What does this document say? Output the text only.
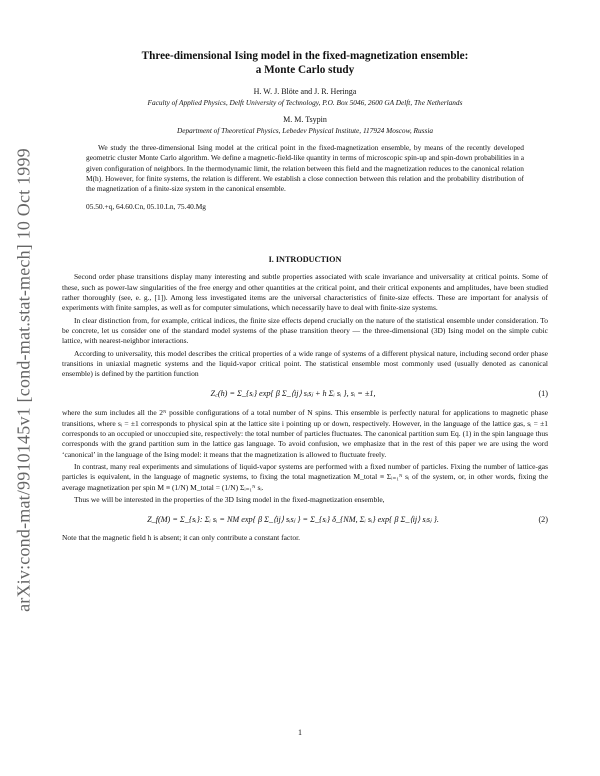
arXiv:cond-mat/9910145v1 [cond-mat.stat-mech] 10 Oct 1999
Three-dimensional Ising model in the fixed-magnetization ensemble:
a Monte Carlo study
H. W. J. Blöte and J. R. Heringa
Faculty of Applied Physics, Delft University of Technology, P.O. Box 5046, 2600 GA Delft, The Netherlands
M. M. Tsypin
Department of Theoretical Physics, Lebedev Physical Institute, 117924 Moscow, Russia
We study the three-dimensional Ising model at the critical point in the fixed-magnetization ensemble, by means of the recently developed geometric cluster Monte Carlo algorithm. We define a magnetic-field-like quantity in terms of microscopic spin-up and spin-down probabilities in a given configuration of neighbors. In the thermodynamic limit, the relation between this field and the magnetization reduces to the canonical relation M(h). However, for finite systems, the relation is different. We establish a close connection between this relation and the probability distribution of the magnetization of a finite-size system in the canonical ensemble.
05.50.+q, 64.60.Cn, 05.10.Ln, 75.40.Mg
I. INTRODUCTION

Second order phase transitions display many interesting and subtle properties associated with scale invariance and universality at critical points. Some of these, such as power-law singularities of the free energy and other quantities at the critical point, and their critical exponents and amplitudes, have been studied rather thoroughly (see, e. g., [1]). Among less investigated items are the universal characteristics of finite-size effects. These are important for analysis of experiments with finite samples, as well as for computer simulations, which necessarily have to deal with finite-size systems.

In clear distinction from, for example, critical indices, the finite size effects depend crucially on the nature of the statistical ensemble under consideration. To be concrete, let us consider one of the standard model systems of the phase transition theory — the three-dimensional (3D) Ising model on the simple cubic lattice, with nearest-neighbor interactions.

According to universality, this model describes the critical properties of a wide range of systems of a different physical nature, including second order phase transitions in uniaxial magnetic systems and the liquid-vapor critical point. The statistical ensemble most commonly used (usually denoted as canonical ensemble) is defined by the partition function

Z꜀(h) = Σ_{sᵢ} exp{ β Σ_⟨ij⟩ sᵢsⱼ + h Σᵢ sᵢ }, sᵢ = ±1,	(1)

where the sum includes all the 2ᴺ possible configurations of a total number of N spins. This ensemble is perfectly natural for applications to magnetic phase transitions, where sᵢ = ±1 corresponds to physical spin at the lattice site i pointing up or down, respectively. However, in the language of the lattice gas, sᵢ = ±1 corresponds to an occupied or unoccupied site, respectively: the total number of particles fluctuates. The canonical partition sum Eq. (1) in the spin language thus corresponds with the grand partition sum in the lattice gas language. To avoid confusion, we emphasize that in the rest of this paper we are using the word ‘canonical’ in the language of the Ising model: it means that the magnetization is allowed to fluctuate freely.

In contrast, many real experiments and simulations of liquid-vapor systems are performed with a fixed number of particles. Fixing the number of lattice-gas particles is equivalent, in the language of magnetic systems, to fixing the total magnetization M_total ≡ Σᵢ₌₁ᴺ sᵢ of the system, or, in other words, fixing the average magnetization per spin M ≡ (1/N) M_total = (1/N) Σᵢ₌₁ᴺ sᵢ.

Thus we will be interested in the properties of the 3D Ising model in the fixed-magnetization ensemble,

Z_f(M) = Σ_{sᵢ}: Σᵢ sᵢ = NM exp{ β Σ_⟨ij⟩ sᵢsⱼ } = Σ_{sᵢ} δ_{NM, Σᵢ sᵢ} exp{ β Σ_⟨ij⟩ sᵢsⱼ }.	(2)

Note that the magnetic field h is absent; it can only contribute a constant factor.

1
